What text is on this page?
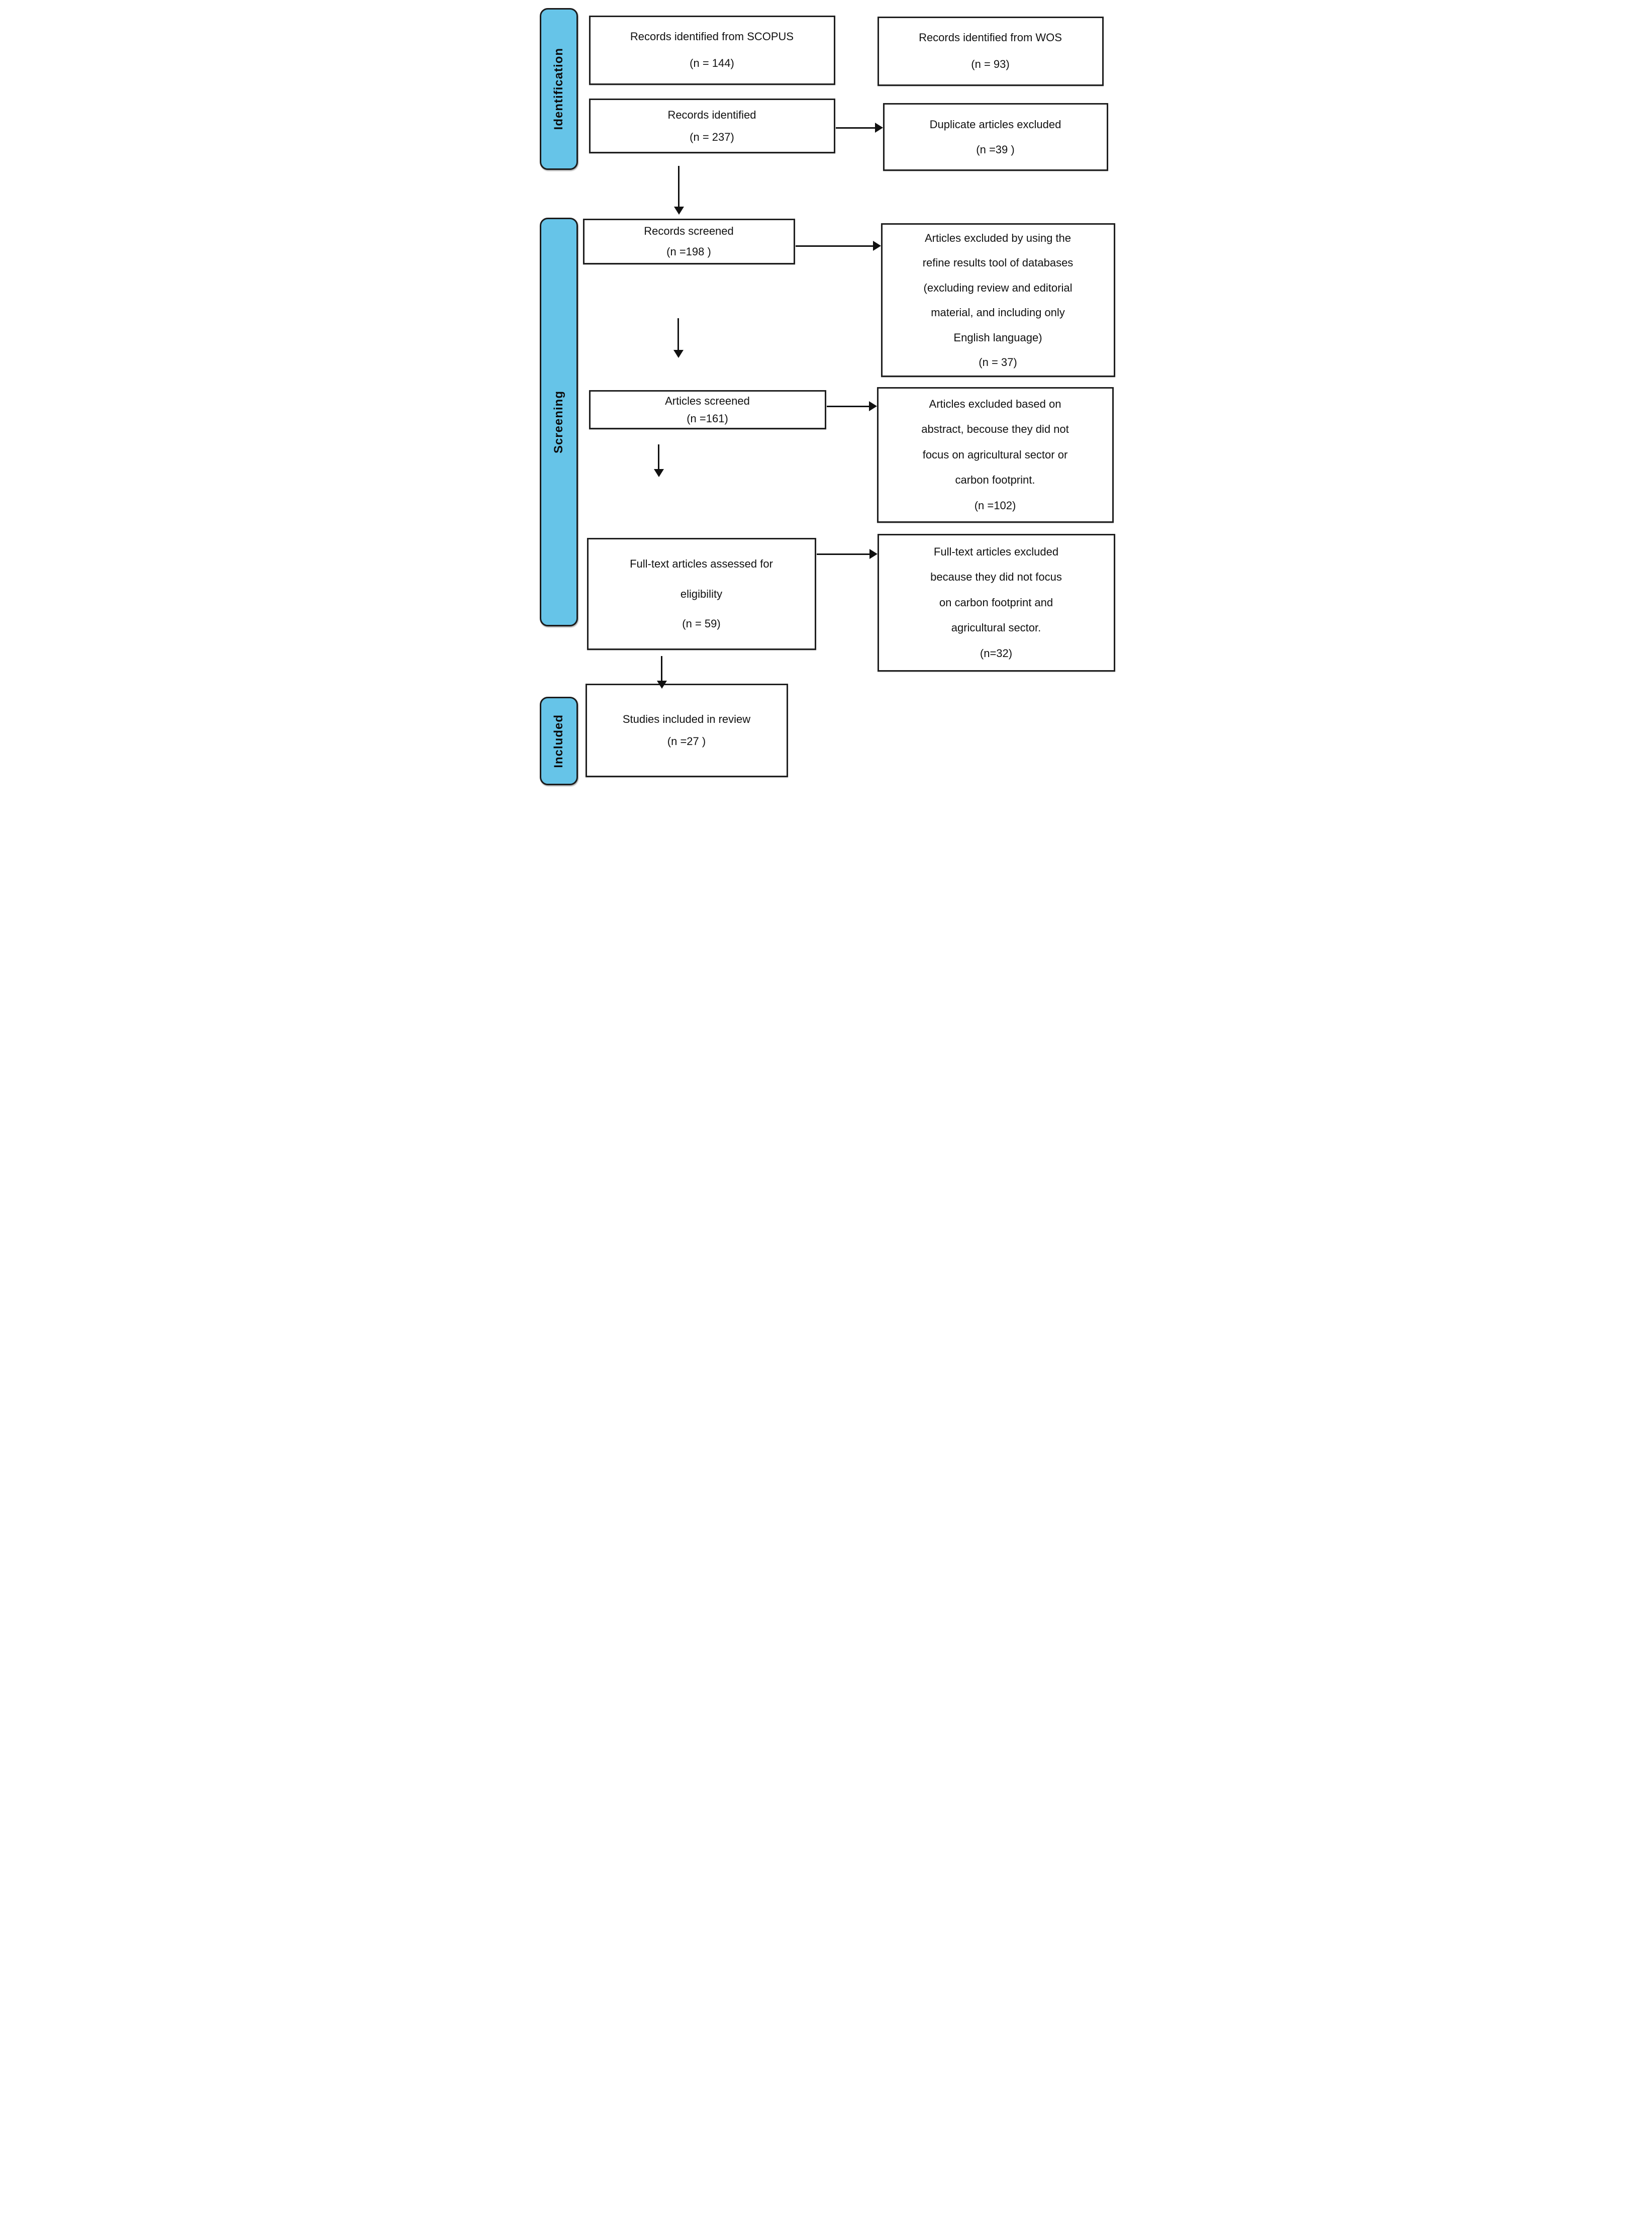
Identification
Screening
Included
Records identified from SCOPUS
(n = 144)
Records identified from WOS
(n = 93)
Records identified
(n = 237)
Duplicate articles excluded
(n =39 )
Records screened
(n =198 )
Articles excluded by using the
refine results tool of databases
(excluding review and editorial
material, and including only
English language)
(n = 37)
Articles screened
(n =161)
Articles excluded based on
abstract, becouse they did not
focus on agricultural sector or
carbon footprint.
(n =102)
Full-text articles assessed for
eligibility
(n = 59)
Full-text articles excluded
because they did not focus
on carbon footprint and
agricultural sector.
(n=32)
Studies included in review
(n =27 )
